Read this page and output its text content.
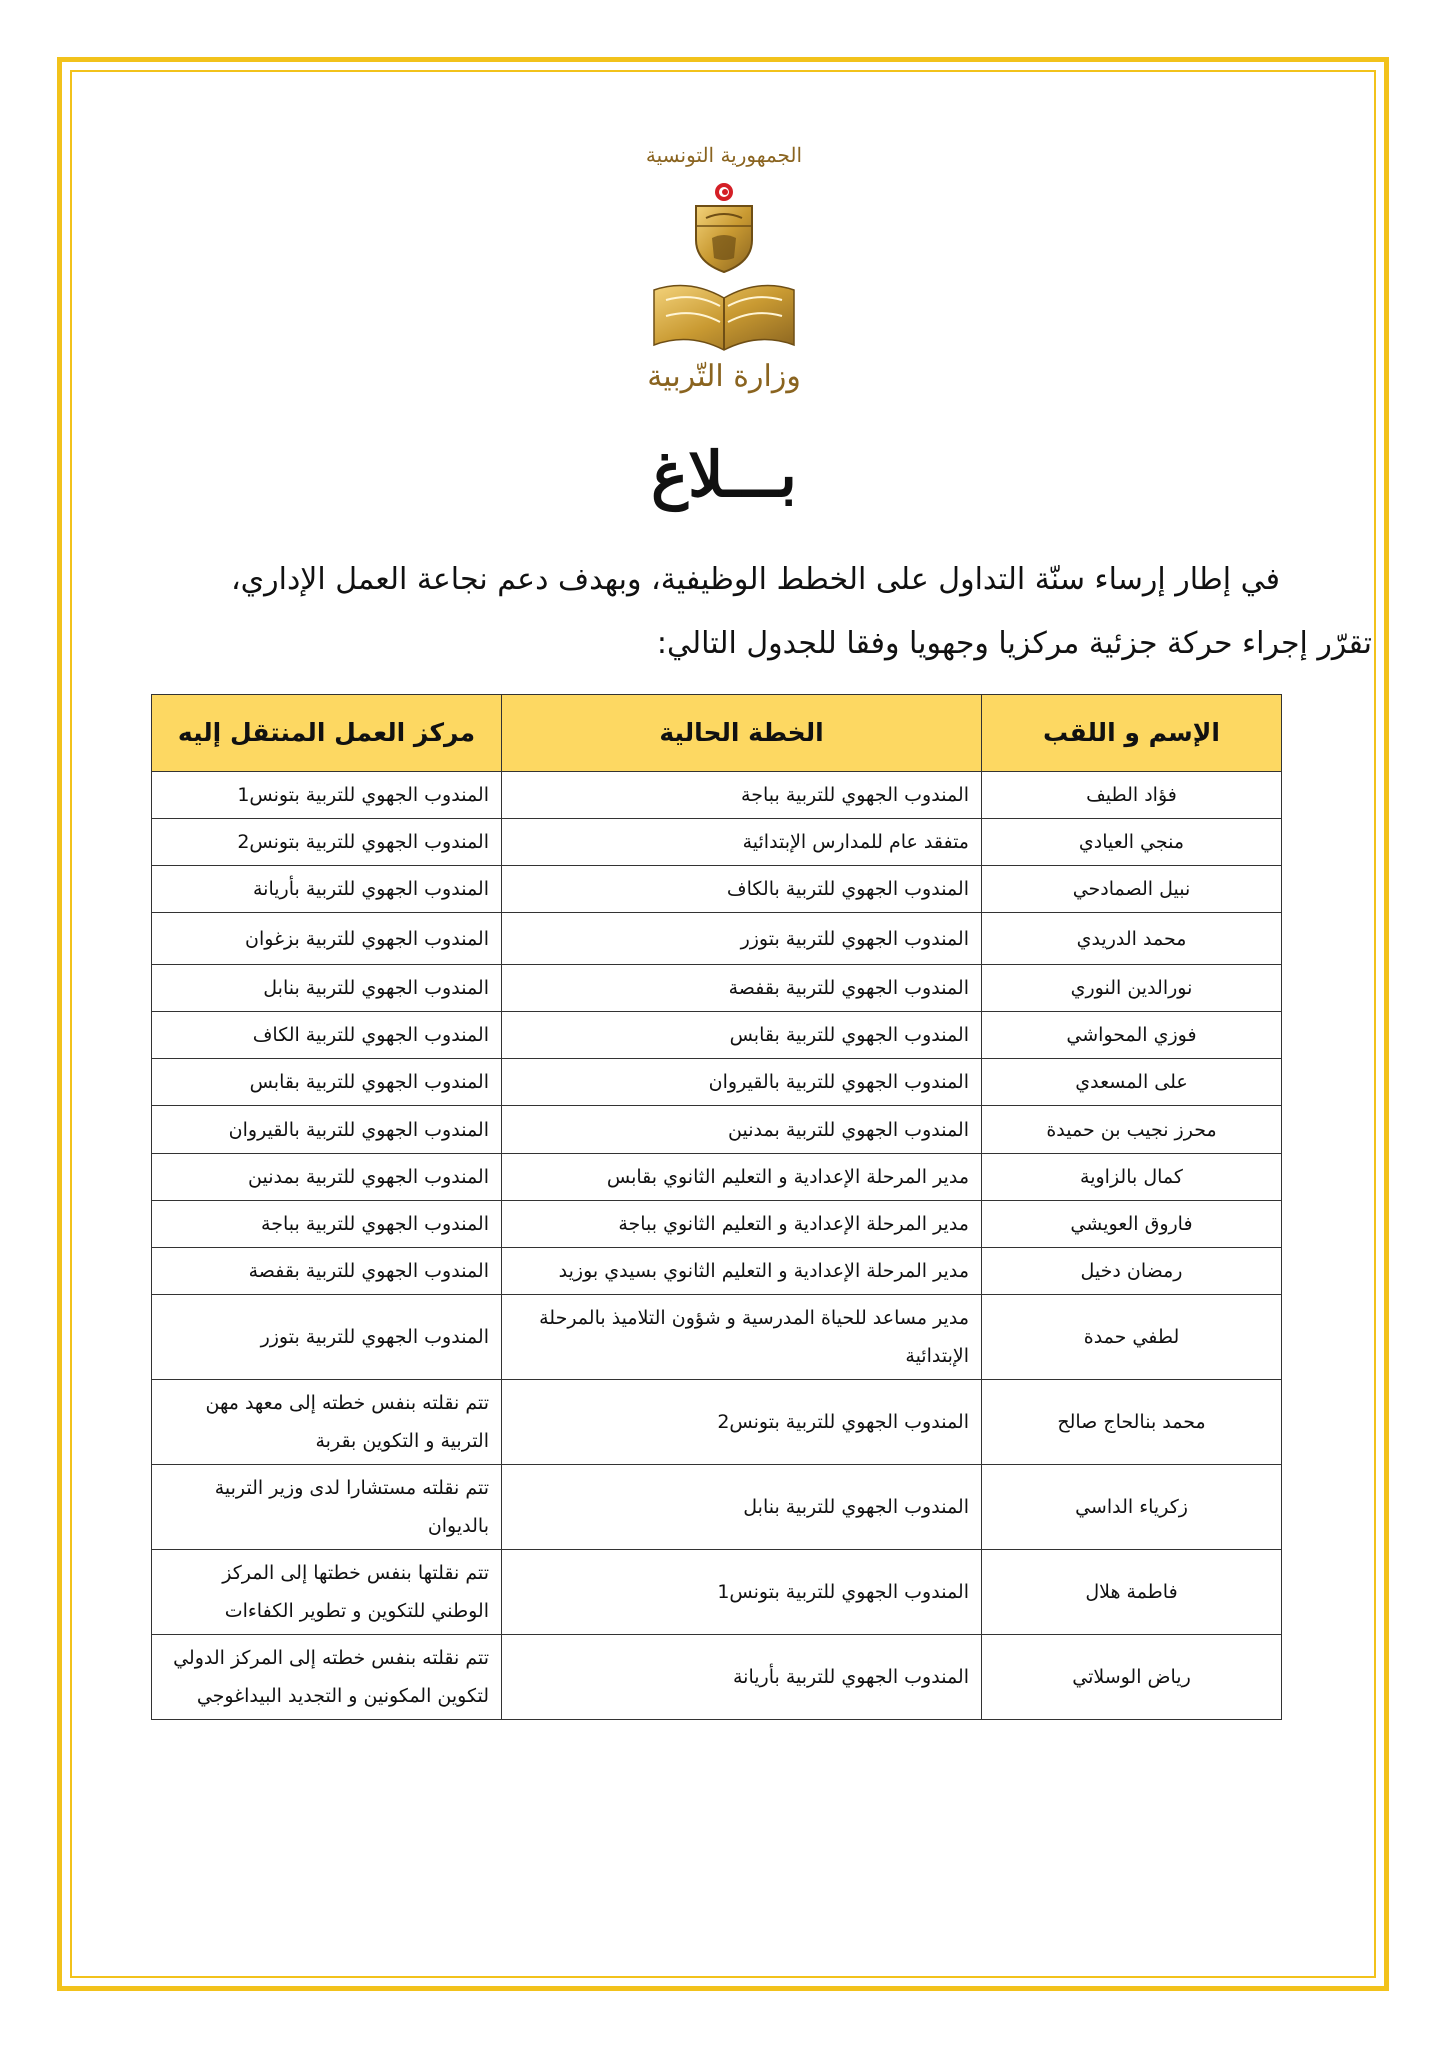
الجمهورية التونسية
وزارة التّربية
بـــلاغ

في إطار إرساء سنّة التداول على الخطط الوظيفية، وبهدف دعم نجاعة العمل الإداري،

تقرّر إجراء حركة جزئية مركزيا وجهويا وفقا للجدول التالي:

الإسم و اللقب	الخطة الحالية	مركز العمل المنتقل إليه
فؤاد الطيف	المندوب الجهوي للتربية بباجة	المندوب الجهوي للتربية بتونس1
منجي العيادي	متفقد عام للمدارس الإبتدائية	المندوب الجهوي للتربية بتونس2
نبيل الصمادحي	المندوب الجهوي للتربية بالكاف	المندوب الجهوي للتربية بأريانة
محمد الدريدي	المندوب الجهوي للتربية بتوزر	المندوب الجهوي للتربية بزغوان
نورالدين النوري	المندوب الجهوي للتربية بقفصة	المندوب الجهوي للتربية بنابل
فوزي المحواشي	المندوب الجهوي للتربية بقابس	المندوب الجهوي للتربية الكاف
على المسعدي	المندوب الجهوي للتربية بالقيروان	المندوب الجهوي للتربية بقابس
محرز نجيب بن حميدة	المندوب الجهوي للتربية بمدنين	المندوب الجهوي للتربية بالقيروان
كمال بالزاوية	مدير المرحلة الإعدادية و التعليم الثانوي بقابس	المندوب الجهوي للتربية بمدنين
فاروق العويشي	مدير المرحلة الإعدادية و التعليم الثانوي بباجة	المندوب الجهوي للتربية بباجة
رمضان دخيل	مدير المرحلة الإعدادية و التعليم الثانوي بسيدي بوزيد	المندوب الجهوي للتربية بقفصة
لطفي حمدة	مدير مساعد للحياة المدرسية و شؤون التلاميذ بالمرحلة الإبتدائية	المندوب الجهوي للتربية بتوزر
محمد بنالحاج صالح	المندوب الجهوي للتربية بتونس2	تتم نقلته بنفس خطته إلى معهد مهن التربية و التكوين بقربة
زكرياء الداسي	المندوب الجهوي للتربية بنابل	تتم نقلته مستشارا لدى وزير التربية بالديوان
فاطمة هلال	المندوب الجهوي للتربية بتونس1	تتم نقلتها بنفس خطتها إلى المركز الوطني للتكوين و تطوير الكفاءات
رياض الوسلاتي	المندوب الجهوي للتربية بأريانة	تتم نقلته بنفس خطته إلى المركز الدولي لتكوين المكونين و التجديد البيداغوجي
